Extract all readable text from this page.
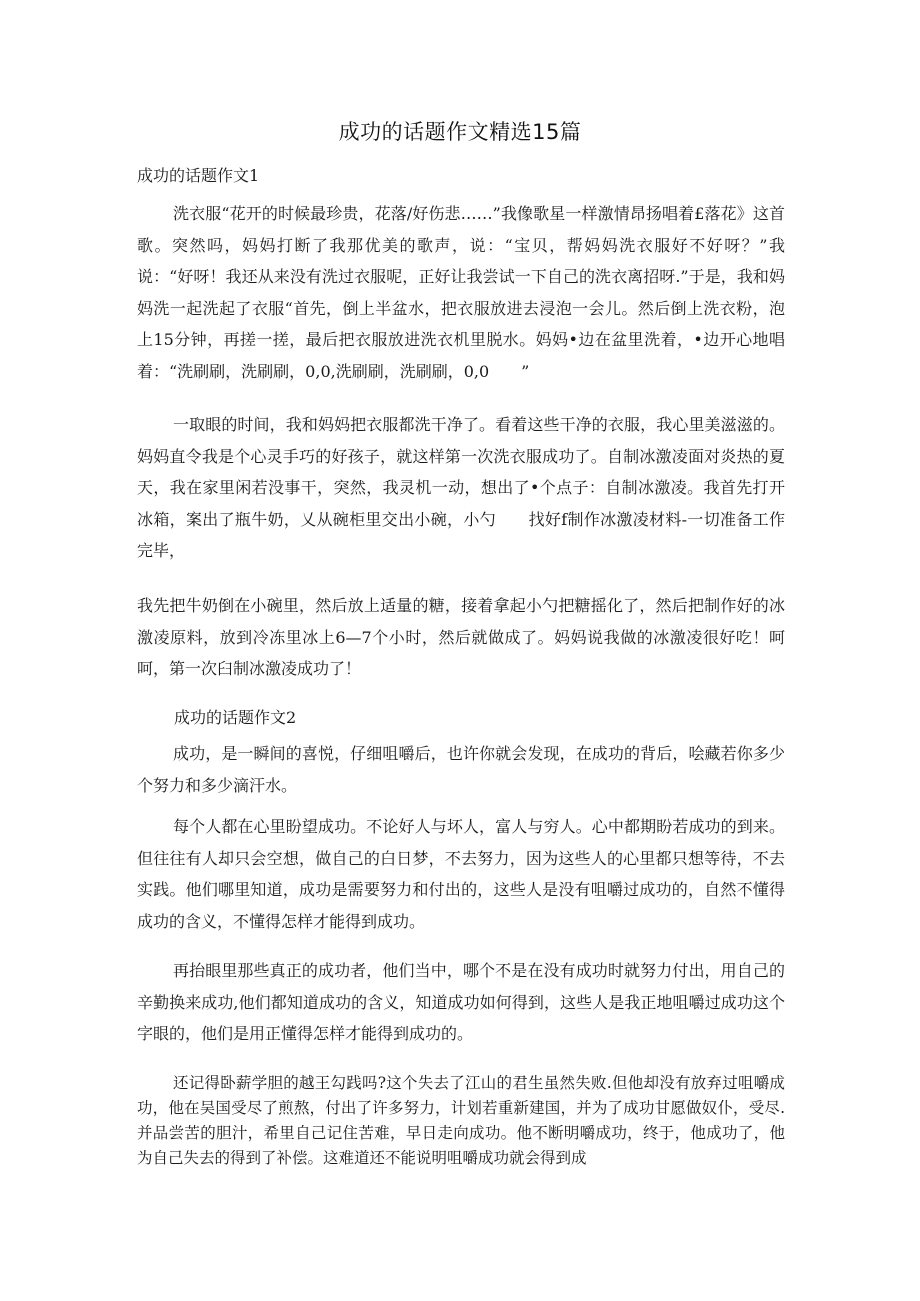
成功的话题作文精选15篇
成功的话题作文1

洗衣服“花开的时候最珍贵，花落/好伤悲……”我像歌星一样激情昂扬唱着£落花》这首歌。突然吗，妈妈打断了我那优美的歌声，说：“宝贝，帮妈妈洗衣服好不好呀？”我说：“好呀！我还从来没有洗过衣服呢，正好让我尝试一下自己的洗衣离招呀.”于是，我和妈妈洗一起洗起了衣服“首先，倒上半盆水，把衣服放进去浸泡一会儿。然后倒上洗衣粉，泡上15分钟，再搓一搓，最后把衣服放进洗衣机里脱水。妈妈•边在盆里洗着，•边开心地唱着：“洗刷刷，洗刷刷，0,0,洗刷刷，洗刷刷，0,0　　”

一取眼的时间，我和妈妈把衣服都洗干净了。看着这些干净的衣服，我心里美滋滋的。妈妈直令我是个心灵手巧的好孩子，就这样第一次洗衣服成功了。自制冰激凌面对炎热的夏天，我在家里闲若没事干，突然，我灵机一动，想出了•个点子：自制冰激凌。我首先打开冰箱，案出了瓶牛奶，乂从碗柜里交出小碗，小勺　　找好f制作冰激凌材料-一切准备工作完毕，

我先把牛奶倒在小碗里，然后放上适量的糖，接着拿起小勺把糖摇化了，然后把制作好的冰激凌原料，放到冷冻里冰上6—7个小时，然后就做成了。妈妈说我做的冰激凌很好吃！呵呵，第一次臼制冰激凌成功了！

成功的话题作文2

成功，是一瞬间的喜悦，仔细咀嚼后，也许你就会发现，在成功的背后，哙藏若你多少个努力和多少滴汗水。

每个人都在心里盼望成功。不论好人与坏人，富人与穷人。心中都期盼若成功的到来。但往往有人却只会空想，做自己的白日梦，不去努力，因为这些人的心里都只想等待，不去实践。他们哪里知道，成功是需要努力和付出的，这些人是没有咀嚼过成功的，自然不懂得成功的含义，不懂得怎样才能得到成功。

再抬眼里那些真正的成功者，他们当中，哪个不是在没有成功时就努力付出，用自己的辛勤换来成功,他们都知道成功的含义，知道成功如何得到，这些人是我正地咀嚼过成功这个字眼的，他们是用正懂得怎样才能得到成功的。

还记得卧薪学胆的越王勾践吗?这个失去了江山的君生虽然失败.但他却没有放弃过咀嚼成功，他在吴国受尽了煎熬，付出了许多努力，计划若重新建国，并为了成功甘愿做奴仆，受尽.并品尝苦的胆汁，希里自己记住苦难，早日走向成功。他不断明嚼成功，终于，他成功了，他为自己失去的得到了补偿。这难道还不能说明咀嚼成功就会得到成
